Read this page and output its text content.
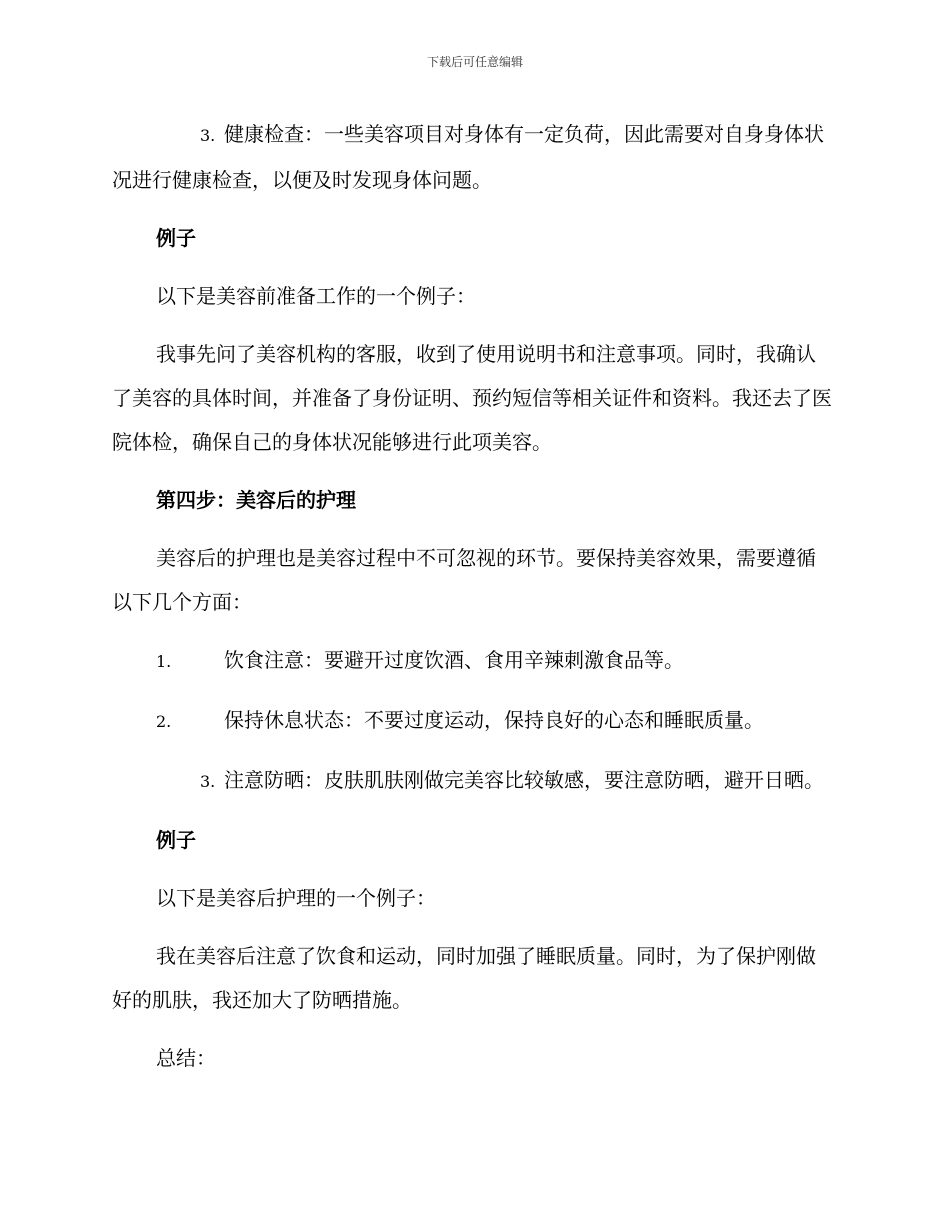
下载后可任意编辑

3. 健康检查：一些美容项目对身体有一定负荷，因此需要对自身身体状况进行健康检查，以便及时发现身体问题。

例子

以下是美容前准备工作的一个例子：

我事先问了美容机构的客服，收到了使用说明书和注意事项。同时，我确认了美容的具体时间，并准备了身份证明、预约短信等相关证件和资料。我还去了医院体检，确保自己的身体状况能够进行此项美容。

第四步：美容后的护理

美容后的护理也是美容过程中不可忽视的环节。要保持美容效果，需要遵循以下几个方面：

1.	饮食注意：要避开过度饮酒、食用辛辣刺激食品等。

2.	保持休息状态：不要过度运动，保持良好的心态和睡眠质量。

3. 注意防晒：皮肤肌肤刚做完美容比较敏感，要注意防晒，避开日晒。

例子

以下是美容后护理的一个例子：

我在美容后注意了饮食和运动，同时加强了睡眠质量。同时，为了保护刚做好的肌肤，我还加大了防晒措施。

总结：
